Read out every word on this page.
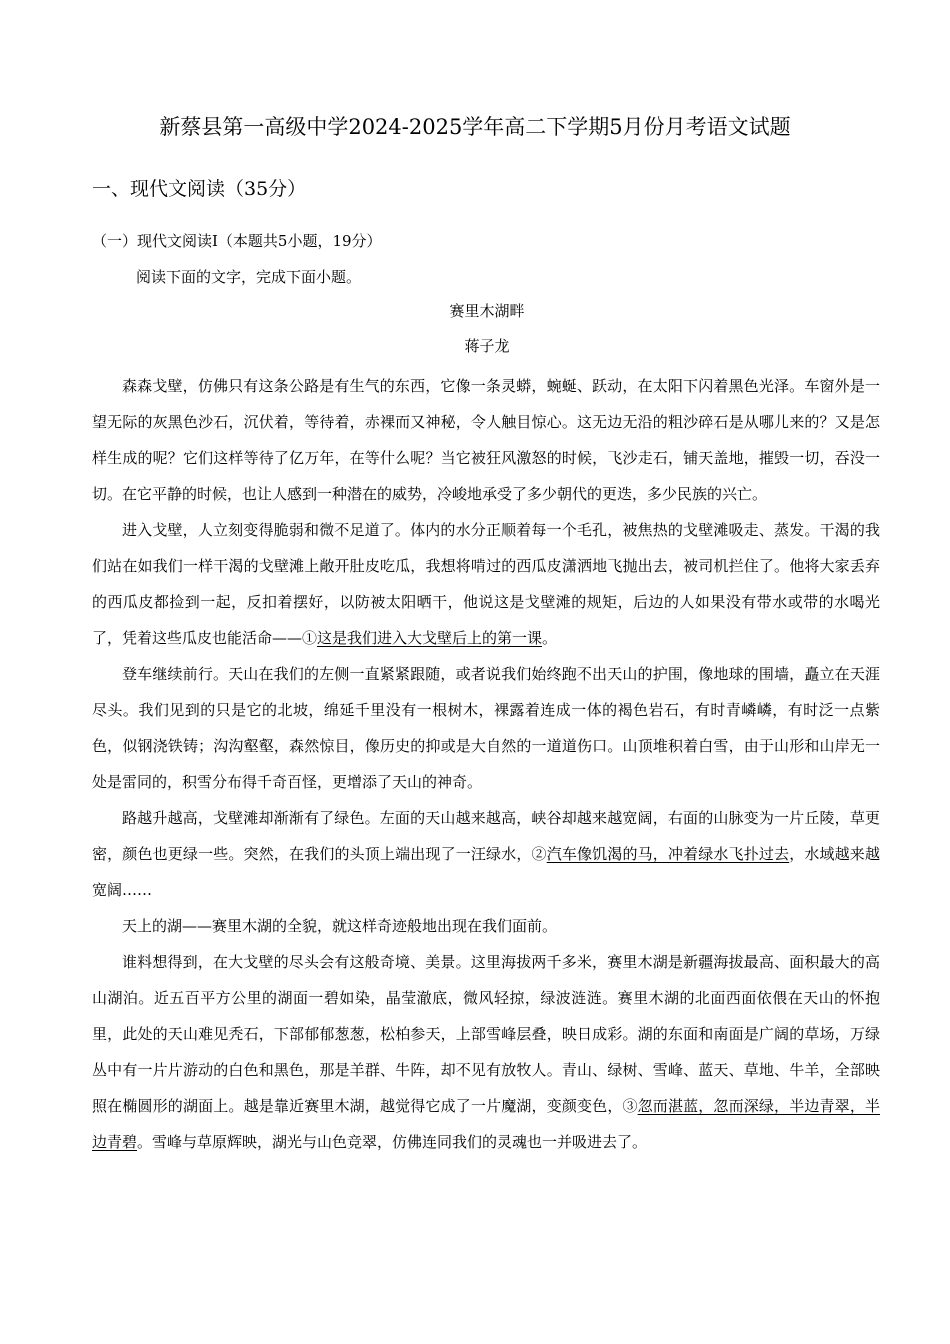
新蔡县第一高级中学2024-2025学年高二下学期5月份月考语文试题
一、现代文阅读（35分）
（一）现代文阅读I（本题共5小题，19分）
阅读下面的文字，完成下面小题。
赛里木湖畔
蒋子龙

森森戈壁，仿佛只有这条公路是有生气的东西，它像一条灵蟒，蜿蜒、跃动，在太阳下闪着黑色光泽。车窗外是一望无际的灰黑色沙石，沉伏着，等待着，赤裸而又神秘，令人触目惊心。这无边无沿的粗沙碎石是从哪儿来的？又是怎样生成的呢？它们这样等待了亿万年，在等什么呢？当它被狂风激怒的时候，飞沙走石，铺天盖地，摧毁一切，吞没一切。在它平静的时候，也让人感到一种潜在的威势，冷峻地承受了多少朝代的更迭，多少民族的兴亡。

进入戈壁，人立刻变得脆弱和微不足道了。体内的水分正顺着每一个毛孔，被焦热的戈壁滩吸走、蒸发。干渴的我们站在如我们一样干渴的戈壁滩上敞开肚皮吃瓜，我想将啃过的西瓜皮潇洒地飞抛出去，被司机拦住了。他将大家丢弃的西瓜皮都捡到一起，反扣着摆好，以防被太阳晒干，他说这是戈壁滩的规矩，后边的人如果没有带水或带的水喝光了，凭着这些瓜皮也能活命——①这是我们进入大戈壁后上的第一课。

登车继续前行。天山在我们的左侧一直紧紧跟随，或者说我们始终跑不出天山的护围，像地球的围墙，矗立在天涯尽头。我们见到的只是它的北坡，绵延千里没有一根树木，裸露着连成一体的褐色岩石，有时青嶙嶙，有时泛一点紫色，似钢浇铁铸；沟沟壑壑，森然惊目，像历史的抑或是大自然的一道道伤口。山顶堆积着白雪，由于山形和山岸无一处是雷同的，积雪分布得千奇百怪，更增添了天山的神奇。

路越升越高，戈壁滩却渐渐有了绿色。左面的天山越来越高，峡谷却越来越宽阔，右面的山脉变为一片丘陵，草更密，颜色也更绿一些。突然，在我们的头顶上端出现了一汪绿水，②汽车像饥渴的马，冲着绿水飞扑过去，水域越来越宽阔……

天上的湖——赛里木湖的全貌，就这样奇迹般地出现在我们面前。

谁料想得到，在大戈壁的尽头会有这般奇境、美景。这里海拔两千多米，赛里木湖是新疆海拔最高、面积最大的高山湖泊。近五百平方公里的湖面一碧如染，晶莹澈底，微风轻掠，绿波涟涟。赛里木湖的北面西面依偎在天山的怀抱里，此处的天山难见秃石，下部郁郁葱葱，松柏参天，上部雪峰层叠，映日成彩。湖的东面和南面是广阔的草场，万绿丛中有一片片游动的白色和黑色，那是羊群、牛阵，却不见有放牧人。青山、绿树、雪峰、蓝天、草地、牛羊，全部映照在椭圆形的湖面上。越是靠近赛里木湖，越觉得它成了一片魔湖，变颜变色，③忽而湛蓝，忽而深绿，半边青翠，半边青碧。雪峰与草原辉映，湖光与山色竞翠，仿佛连同我们的灵魂也一并吸进去了。
